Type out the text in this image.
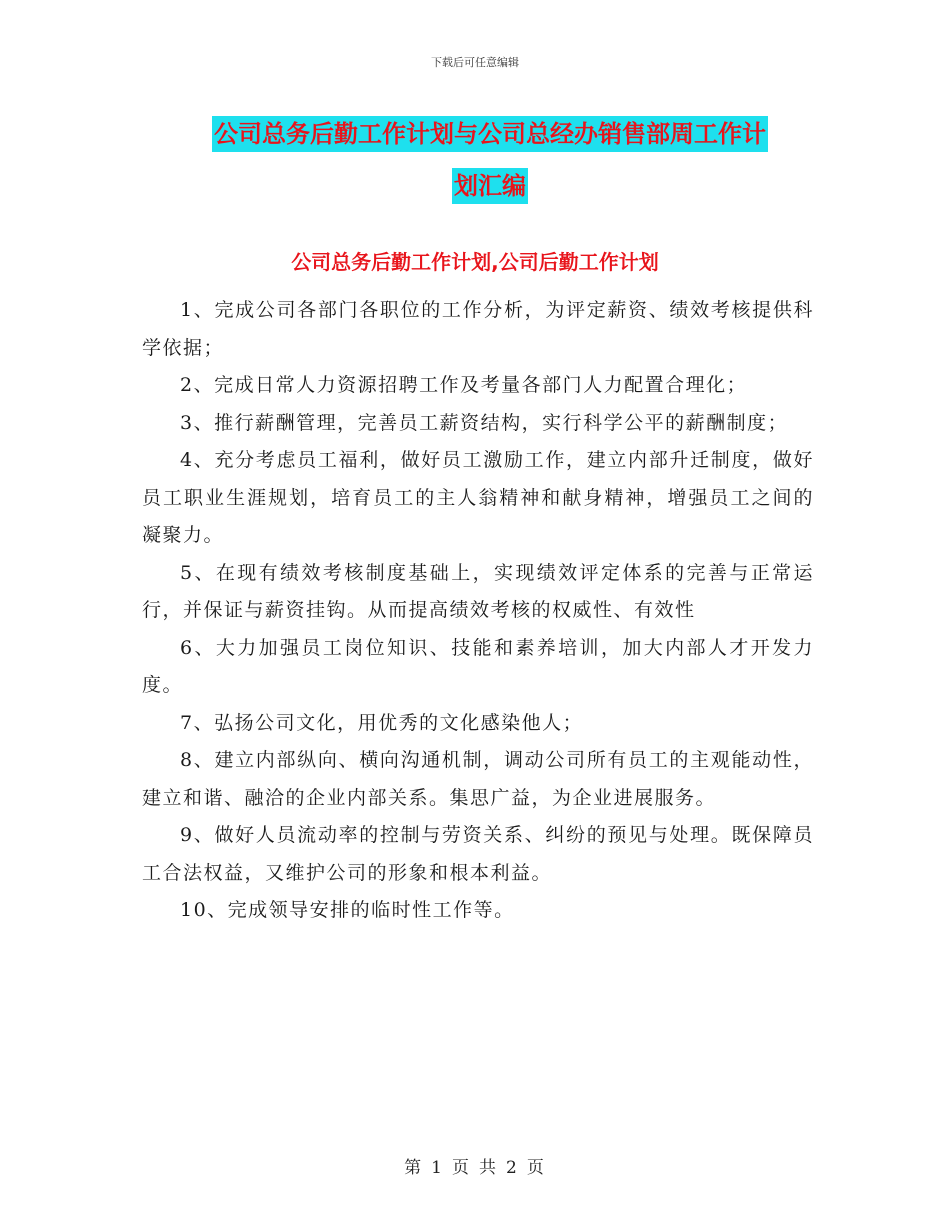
下载后可任意编辑
公司总务后勤工作计划与公司总经办销售部周工作计
划汇编
公司总务后勤工作计划,公司后勤工作计划

1、完成公司各部门各职位的工作分析，为评定薪资、绩效考核提供科学依据；

2、完成日常人力资源招聘工作及考量各部门人力配置合理化；

3、推行薪酬管理，完善员工薪资结构，实行科学公平的薪酬制度；

4、充分考虑员工福利，做好员工激励工作，建立内部升迁制度，做好员工职业生涯规划，培育员工的主人翁精神和献身精神，增强员工之间的凝聚力。

5、在现有绩效考核制度基础上，实现绩效评定体系的完善与正常运行，并保证与薪资挂钩。从而提高绩效考核的权威性、有效性

6、大力加强员工岗位知识、技能和素养培训，加大内部人才开发力度。

7、弘扬公司文化，用优秀的文化感染他人；

8、建立内部纵向、横向沟通机制，调动公司所有员工的主观能动性，建立和谐、融洽的企业内部关系。集思广益，为企业进展服务。

9、做好人员流动率的控制与劳资关系、纠纷的预见与处理。既保障员工合法权益，又维护公司的形象和根本利益。

10、完成领导安排的临时性工作等。

第 1 页 共 2 页
